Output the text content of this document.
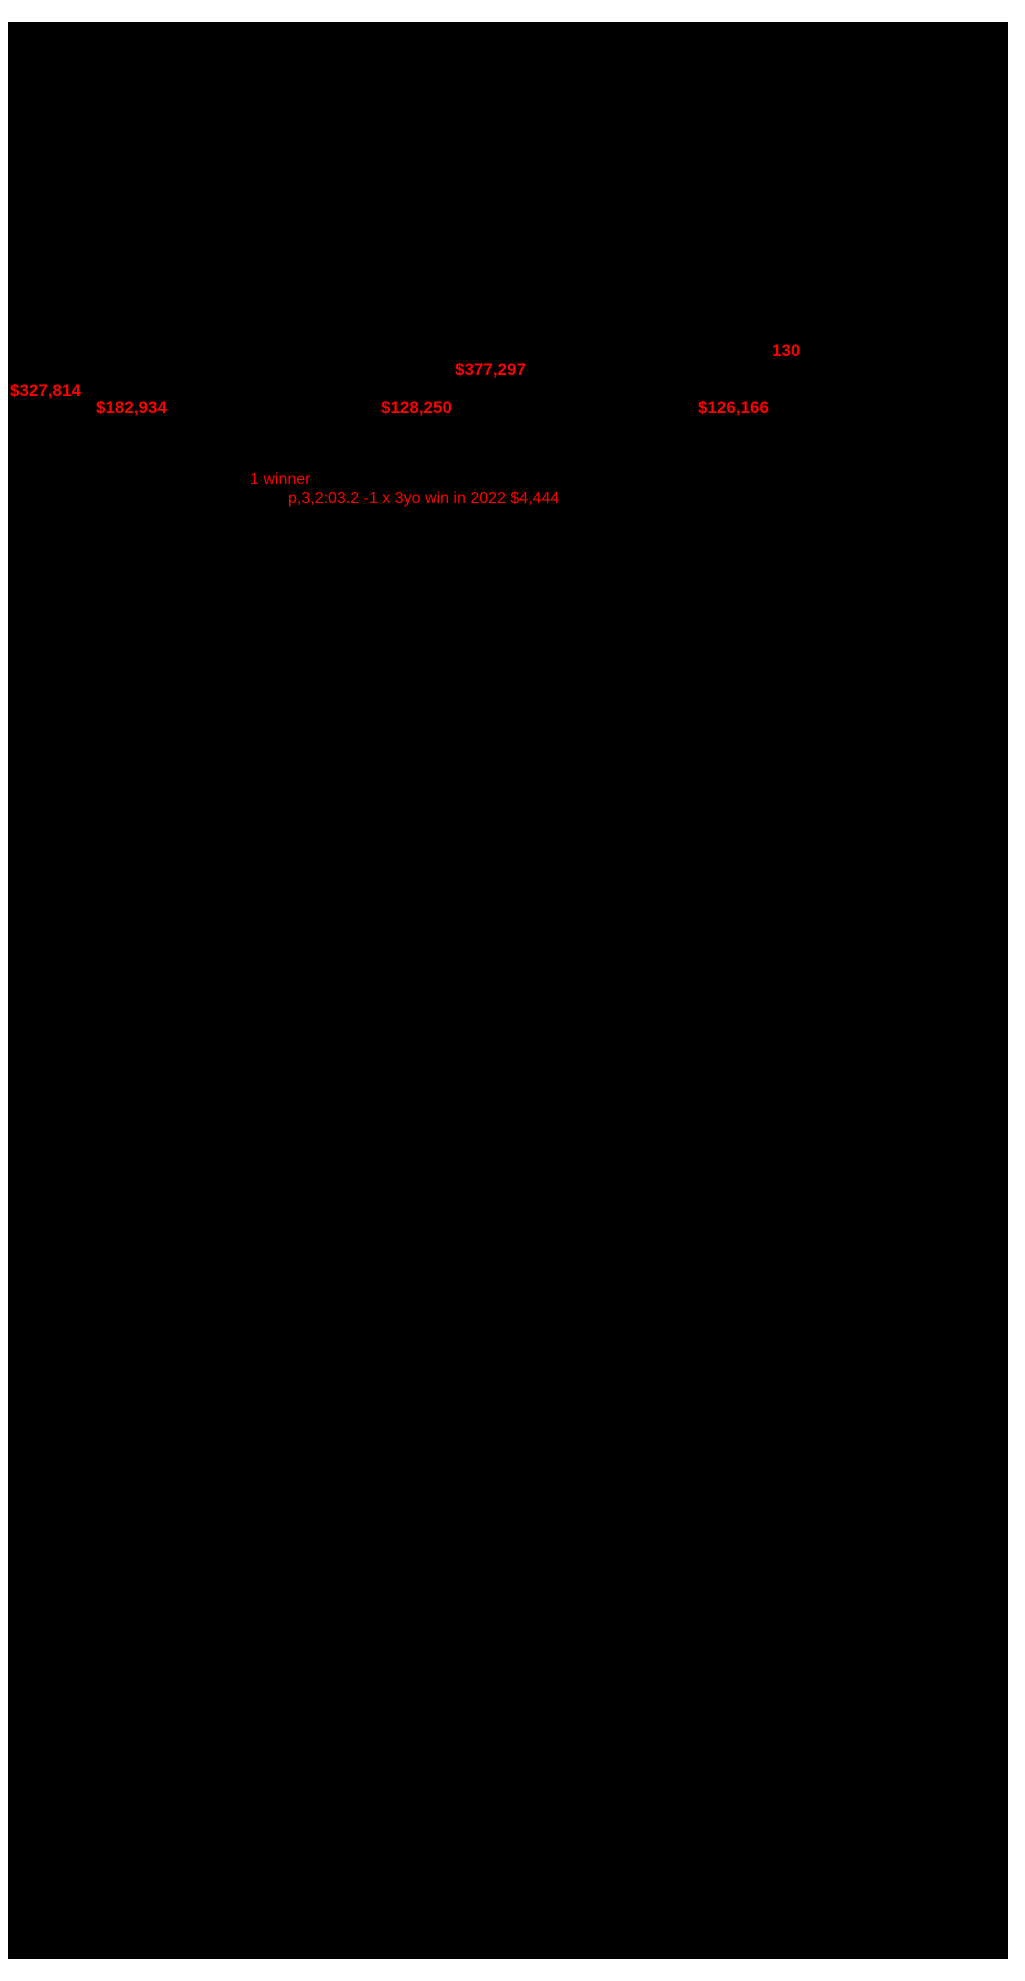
$327,814
$182,934
$377,297
$128,250	$126,166
130
1 winner
p,3,2:03.2 -1 x 3yo win in 2022 $4,444
